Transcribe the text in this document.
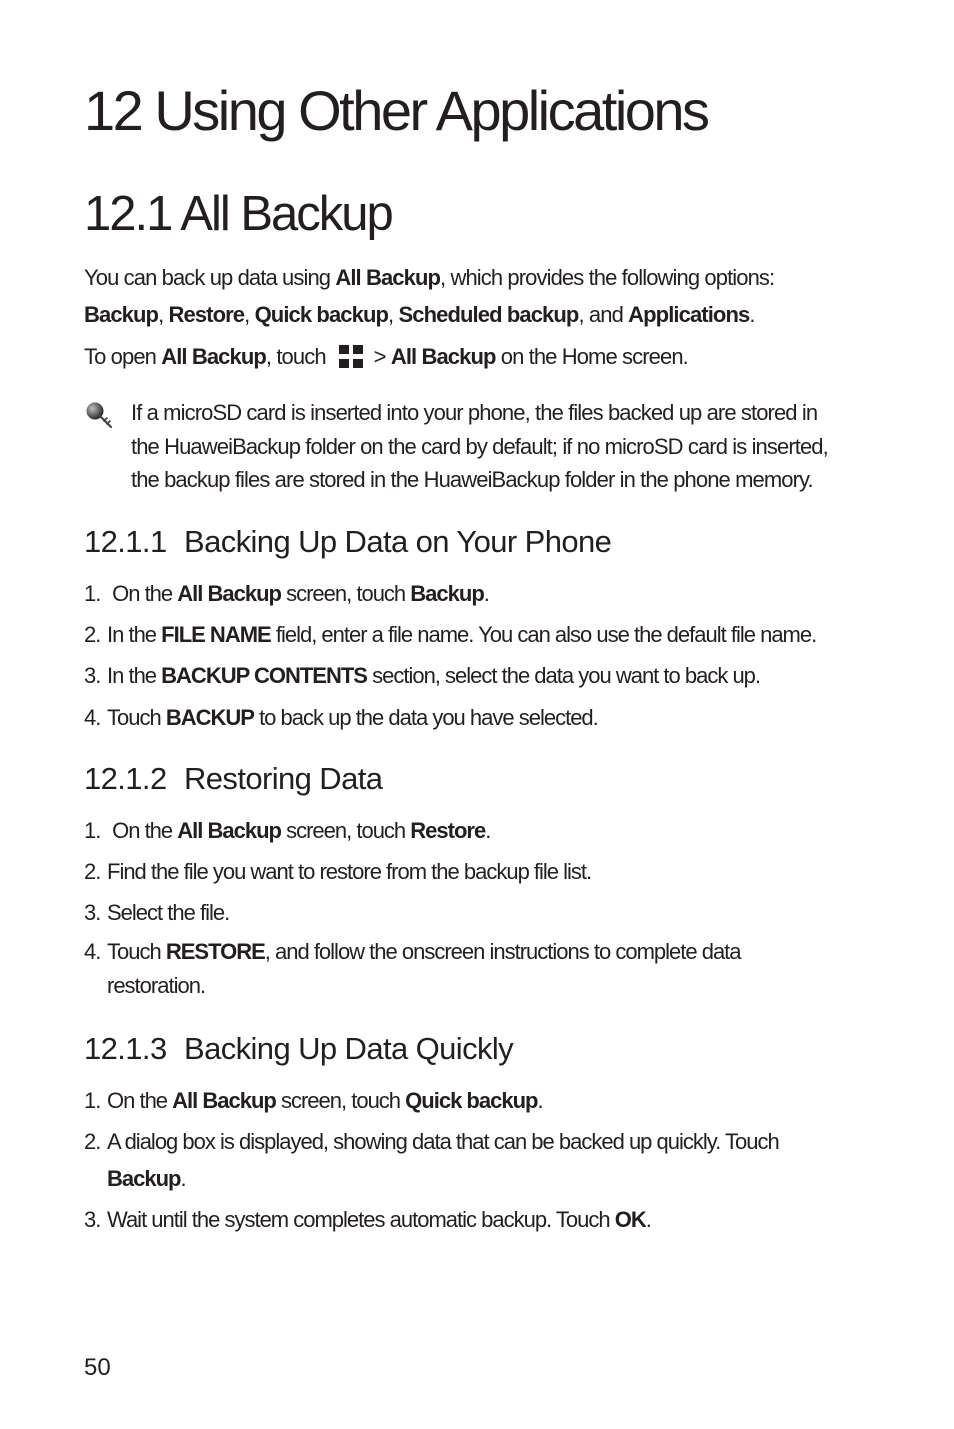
12 Using Other Applications
12.1 All Backup

You can back up data using All Backup, which provides the following options:

Backup, Restore, Quick backup, Scheduled backup, and Applications.

To open All Backup, touch > All Backup on the Home screen.

If a microSD card is inserted into your phone, the files backed up are stored in
the HuaweiBackup folder on the card by default; if no microSD card is inserted,
the backup files are stored in the HuaweiBackup folder in the phone memory.

12.1.1 Backing Up Data on Your Phone

1. On the All Backup screen, touch Backup.

2. In the FILE NAME field, enter a file name. You can also use the default file name.

3. In the BACKUP CONTENTS section, select the data you want to back up.

4. Touch BACKUP to back up the data you have selected.

12.1.2 Restoring Data

1. On the All Backup screen, touch Restore.

2. Find the file you want to restore from the backup file list.

3. Select the file.

4. Touch RESTORE, and follow the onscreen instructions to complete data
restoration.

12.1.3 Backing Up Data Quickly

1. On the All Backup screen, touch Quick backup.

2. A dialog box is displayed, showing data that can be backed up quickly. Touch
Backup.

3. Wait until the system completes automatic backup. Touch OK.

50
